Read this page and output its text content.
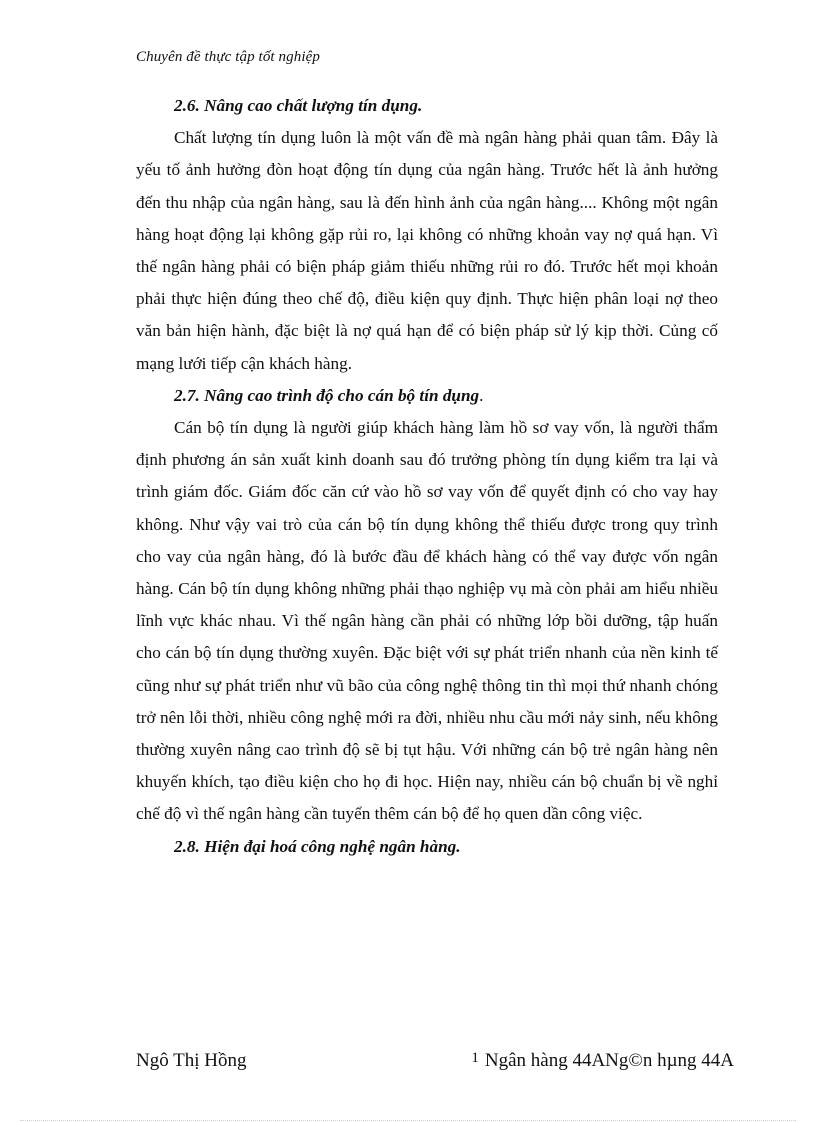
Chuyên đề thực tập tốt nghiệp

2.6. Nâng cao chất lượng tín dụng.

Chất lượng tín dụng luôn là một vấn đề mà ngân hàng phải quan tâm. Đây là yếu tố ảnh hưởng đòn hoạt động tín dụng của ngân hàng. Trước hết là ảnh hưởng đến thu nhập của ngân hàng, sau là đến hình ảnh của ngân hàng.... Không một ngân hàng hoạt động lại không gặp rủi ro, lại không có những khoản vay nợ quá hạn. Vì thế ngân hàng phải có biện pháp giảm thiếu những rủi ro đó. Trước hết mọi khoản phải thực hiện đúng theo chế độ, điều kiện quy định. Thực hiện phân loại nợ theo văn bản hiện hành, đặc biệt là nợ quá hạn để có biện pháp sử lý kịp thời. Củng cố mạng lưới tiếp cận khách hàng.

2.7. Nâng cao trình độ cho cán bộ tín dụng.

Cán bộ tín dụng là người giúp khách hàng làm hồ sơ vay vốn, là người thẩm định phương án sản xuất kinh doanh sau đó trưởng phòng tín dụng kiểm tra lại và trình giám đốc. Giám đốc căn cứ vào hồ sơ vay vốn để quyết định có cho vay hay không. Như vậy vai trò của cán bộ tín dụng không thể thiếu được trong quy trình cho vay của ngân hàng, đó là bước đầu để khách hàng có thể vay được vốn ngân hàng. Cán bộ tín dụng không những phải thạo nghiệp vụ mà còn phải am hiểu nhiều lĩnh vực khác nhau. Vì thế ngân hàng cần phải có những lớp bồi dưỡng, tập huấn cho cán bộ tín dụng thường xuyên. Đặc biệt với sự phát triển nhanh của nền kinh tế cũng như sự phát triển như vũ bão của công nghệ thông tin thì mọi thứ nhanh chóng trở nên lỗi thời, nhiều công nghệ mới ra đời, nhiều nhu cầu mới nảy sinh, nếu không thường xuyên nâng cao trình độ sẽ bị tụt hậu. Với những cán bộ trẻ ngân hàng nên khuyến khích, tạo điều kiện cho họ đi học. Hiện nay, nhiều cán bộ chuẩn bị về nghỉ chế độ vì thế ngân hàng cần tuyển thêm cán bộ để họ quen dần công việc.

2.8. Hiện đại hoá công nghệ ngân hàng.

Ngô Thị Hồng	$^1$ Ngân hàng 44ANg©n hµng 44A
